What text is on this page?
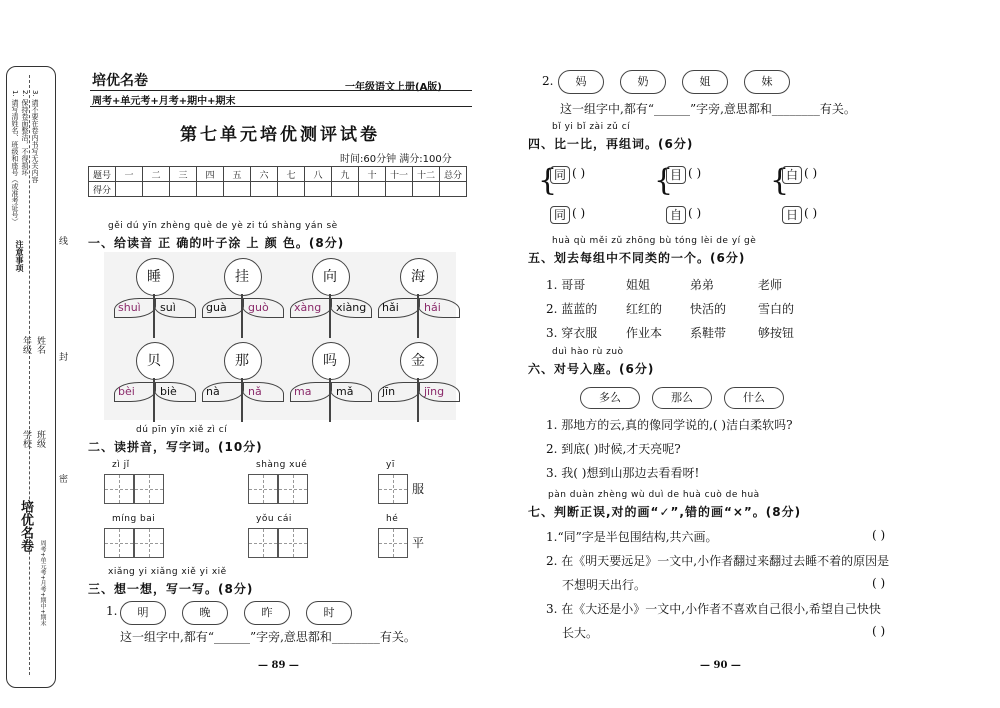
1. 请写清姓名、班级和座号（或准考证号） 2. 保持卷面整洁，不得损坏 3. 请不要在卷内书写无关内容
注意事项
年级 姓名
学校 班级
线
封
密
培优名卷
周考+单元考+月考+期中+期末
培优名卷
周考+单元考+月考+期中+期末
一年级语文上册(A版)
第七单元培优测评试卷
时间:60分钟 满分:100分
题号	一	二	三	四	五	六	七	八	九	十	十一	十二	总分
得分													
gěi dú yīn zhèng què de yè zi tú shàng yán sè
一、给读音 正 确的叶子涂 上 颜 色。(8分)
睡
shuì suì
挂
guà guò
向
xàng xiàng
海
hǎi hái
贝
bèi biè
那
nà	nǎ
吗
ma mǎ
金
jīn	jīng
dú pīn yīn xiě zì cí
二、读拼音，写字词。(10分)
zì jǐ	shàng xué	yī
服
míng bai	yǒu cái	hé
平
xiǎng yi xiǎng xiě yi xiě
三、想一想，写一写。(8分)
1.	明	晚	昨	时
这一组字中,都有“______”字旁,意思都和________有关。
— 89 —
2.	妈	奶	姐	妹
这一组字中,都有“______”字旁,意思都和________有关。
bǐ yi bǐ zài zǔ cí
四、比一比，再组词。(6分)
{
同 ( )
同 ( )
{
目 ( )
自 ( )
{
白 ( )
日 ( )
huà qù měi zǔ zhōng bù tóng lèi de yí gè
五、划去每组中不同类的一个。(6分)
1. 哥哥	姐姐	弟弟	老师
2. 蓝蓝的 红红的 快活的	雪白的
3. 穿衣服 作业本 系鞋带	够按钮
duì hào rù zuò
六、对号入座。(6分)
多么	那么	什么
1. 那地方的云,真的像同学说的,( )洁白柔软吗?
2. 到底( )时候,才天亮呢?
3. 我( )想到山那边去看看呀!
pàn duàn zhèng wù duì de huà cuò de huà
七、判断正误,对的画“✓”,错的画“×”。(8分)
1.“同”字是半包围结构,共六画。
2. 在《明天要远足》一文中,小作者翻过来翻过去睡不着的原因是
不想明天出行。
3. 在《大还是小》一文中,小作者不喜欢自己很小,希望自己快快
长大。
( )
( )
( )
— 90 —
